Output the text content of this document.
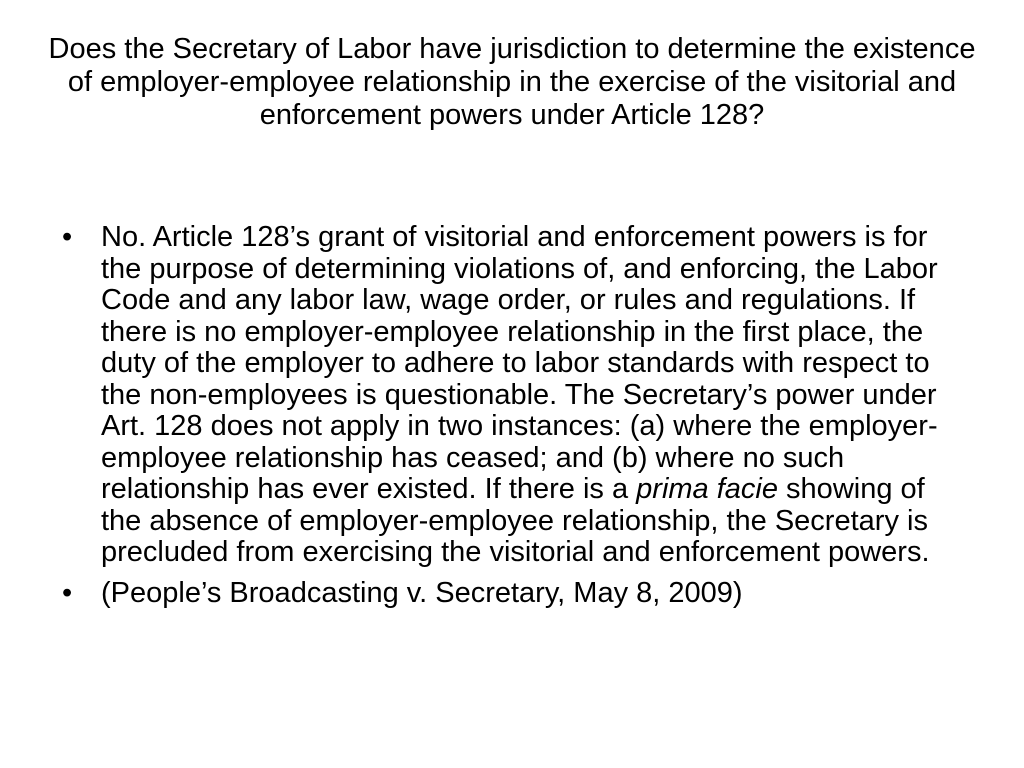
Does the Secretary of Labor have jurisdiction to determine the existence of employer-employee relationship in the exercise of the visitorial and enforcement powers under Article 128?
• No. Article 128’s grant of visitorial and enforcement powers is for the purpose of determining violations of, and enforcing, the Labor Code and any labor law, wage order, or rules and regulations. If there is no employer-employee relationship in the first place, the duty of the employer to adhere to labor standards with respect to the non-employees is questionable. The Secretary’s power under Art. 128 does not apply in two instances: (a) where the employer-employee relationship has ceased; and (b) where no such relationship has ever existed. If there is a prima facie showing of the absence of employer-employee relationship, the Secretary is precluded from exercising the visitorial and enforcement powers.
• (People’s Broadcasting v. Secretary, May 8, 2009)
